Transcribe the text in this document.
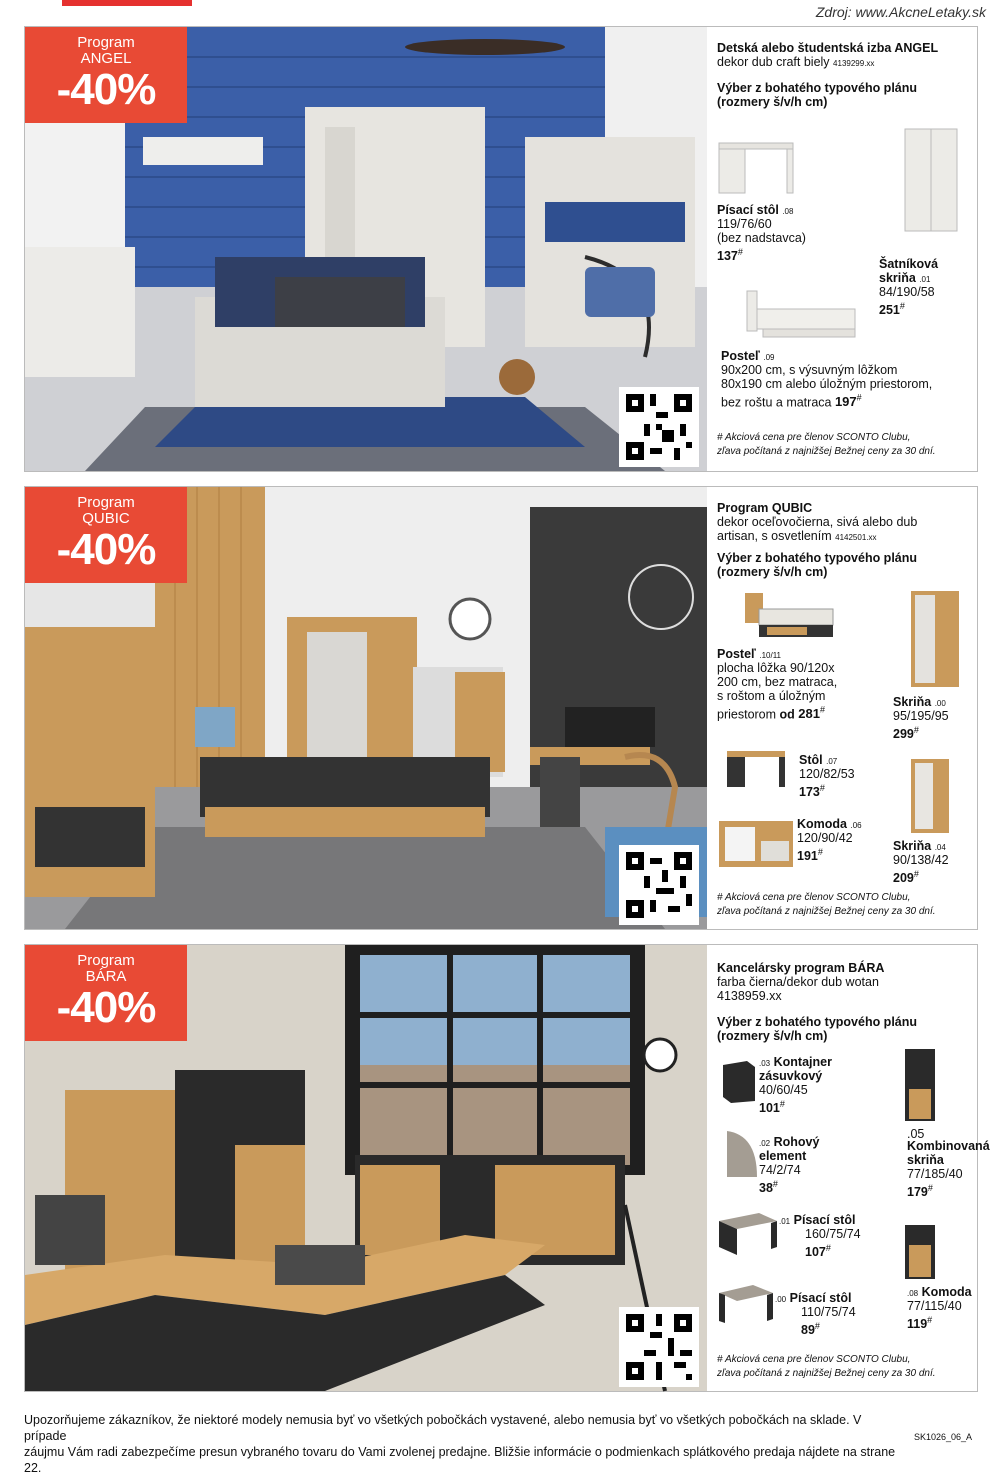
Zdroj: www.AkcneLetaky.sk
Program
ANGEL
-40%
Detská alebo študentská izba ANGEL
dekor dub craft biely 4139299.xx
Výber z bohatého typového plánu
(rozmery š/v/h cm)
Písací stôl .08
119/76/60
(bez nadstavca)
137#
Šatníková
skriňa .01
84/190/58
251#
Posteľ .09
90x200 cm, s výsuvným lôžkom
80x190 cm alebo úložným priestorom,
bez roštu a matraca 197#
# Akciová cena pre členov SCONTO Clubu,
zľava počítaná z najnižšej Bežnej ceny za 30 dní.
Program
QUBIC
-40%
Program QUBIC
dekor oceľovočierna, sivá alebo dub
artisan, s osvetlením 4142501.xx
Výber z bohatého typového plánu
(rozmery š/v/h cm)
Posteľ .10/11
plocha lôžka 90/120x
200 cm, bez matraca,
s roštom a úložným
priestorom od 281#
Skriňa .00
95/195/95
299#
Stôl .07
120/82/53
173#
Komoda .06
120/90/42
191#	Skriňa .04
90/138/42
209#
# Akciová cena pre členov SCONTO Clubu,
zľava počítaná z najnižšej Bežnej ceny za 30 dní.
Program
BÁRA
-40%
Kancelársky program BÁRA
farba čierna/dekor dub wotan
4138959.xx
Výber z bohatého typového plánu
(rozmery š/v/h cm)
.03 Kontajner
zásuvkový
40/60/45
101#
.05
Kombinovaná
skriňa
77/185/40
179#
.02 Rohový
element
74/2/74
38#
.01 Písací stôl
160/75/74
107#
.08 Komoda
77/115/40
119#
.00 Písací stôl
110/75/74
89#
# Akciová cena pre členov SCONTO Clubu,
zľava počítaná z najnižšej Bežnej ceny za 30 dní.
Upozorňujeme zákazníkov, že niektoré modely nemusia byť vo všetkých pobočkách vystavené, alebo nemusia byť vo všetkých pobočkách na sklade. V prípade
záujmu Vám radi zabezpečíme presun vybraného tovaru do Vami zvolenej predajne. Bližšie informácie o podmienkach splátkového predaja nájdete na strane 22.
SK1026_06_A
